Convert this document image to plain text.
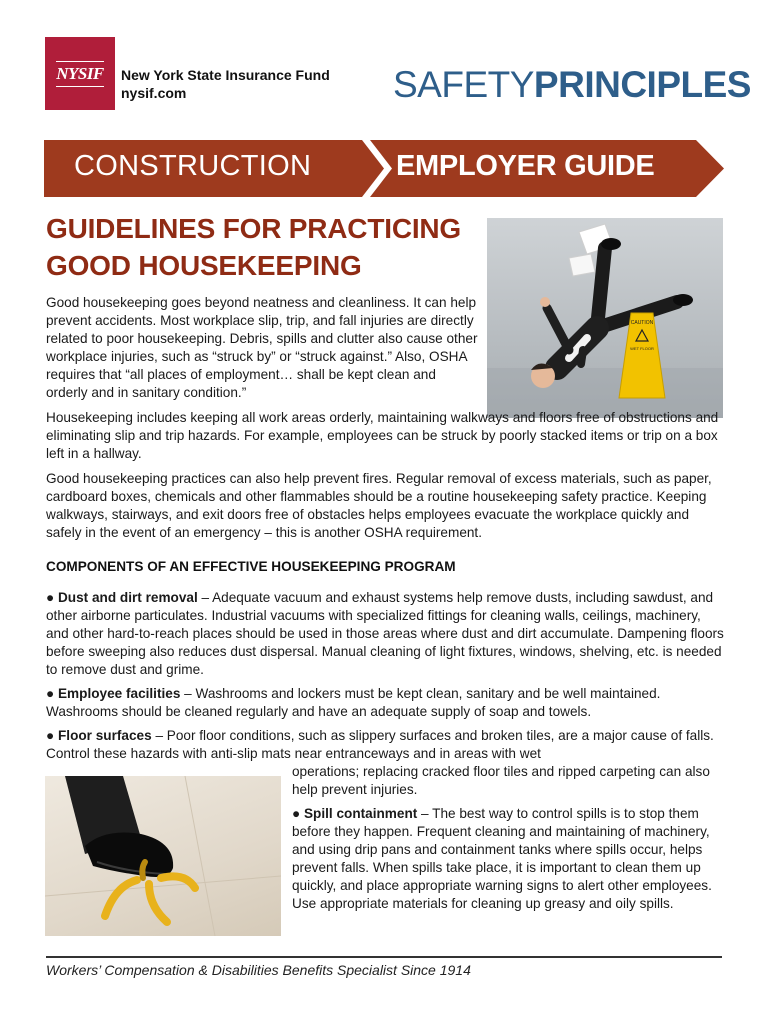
NYSIF New York State Insurance Fund
nysif.com	SAFETYPRINCIPLES
CONSTRUCTION	EMPLOYER GUIDE
GUIDELINES FOR PRACTICING
GOOD HOUSEKEEPING
CAUTION
WET FLOOR

Good housekeeping goes beyond neatness and cleanliness. It can help prevent accidents. Most workplace slip, trip, and fall injuries are directly related to poor housekeeping. Debris, spills and clutter also cause other workplace injuries, such as “struck by” or “struck against.” Also, OSHA requires that “all places of employment… shall be kept clean and orderly and in sanitary condition.”

Housekeeping includes keeping all work areas orderly, maintaining walkways and floors free of obstructions and eliminating slip and trip hazards. For example, employees can be struck by poorly stacked items or trip on a box left in a hallway.

Good housekeeping practices can also help prevent fires. Regular removal of excess materials, such as paper, cardboard boxes, chemicals and other flammables should be a routine housekeeping safety practice. Keeping walkways, stairways, and exit doors free of obstacles helps employees evacuate the workplace quickly and safely in the event of an emergency – this is another OSHA requirement.

COMPONENTS OF AN EFFECTIVE HOUSEKEEPING PROGRAM

● Dust and dirt removal – Adequate vacuum and exhaust systems help remove dusts, including sawdust, and other airborne particulates. Industrial vacuums with specialized fittings for cleaning walls, ceilings, machinery, and other hard-to-reach places should be used in those areas where dust and dirt accumulate. Dampening floors before sweeping also reduces dust dispersal. Manual cleaning of light fixtures, windows, shelving, etc. is needed to remove dust and grime.

● Employee facilities – Washrooms and lockers must be kept clean, sanitary and be well maintained. Washrooms should be cleaned regularly and have an adequate supply of soap and towels.

● Floor surfaces – Poor floor conditions, such as slippery surfaces and broken tiles, are a major cause of falls. Control these hazards with anti-slip mats near entranceways and in areas with wet

operations; replacing cracked floor tiles and ripped carpeting can also help prevent injuries.

● Spill containment – The best way to control spills is to stop them before they happen. Frequent cleaning and maintaining of machinery, and using drip pans and containment tanks where spills occur, helps prevent falls. When spills take place, it is important to clean them up quickly, and place appropriate warning signs to alert other employees. Use appropriate materials for cleaning up greasy and oily spills.

Workers’ Compensation & Disabilities Benefits Specialist Since 1914
